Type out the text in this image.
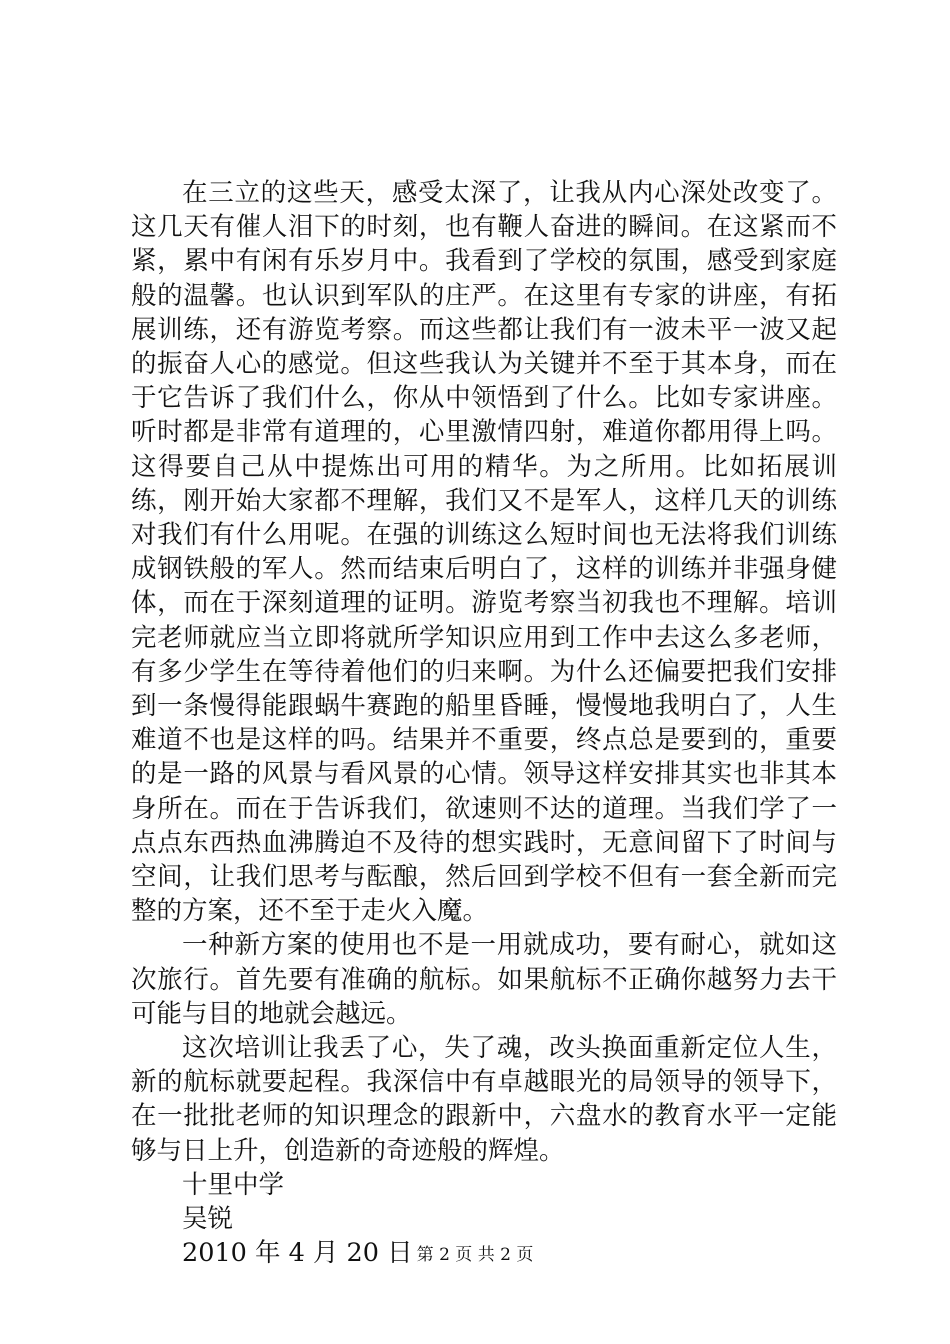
在三立的这些天，感受太深了，让我从内心深处改变了。这几天有催人泪下的时刻，也有鞭人奋进的瞬间。在这紧而不紧，累中有闲有乐岁月中。我看到了学校的氛围，感受到家庭般的温馨。也认识到军队的庄严。在这里有专家的讲座，有拓展训练，还有游览考察。而这些都让我们有一波未平一波又起的振奋人心的感觉。但这些我认为关键并不至于其本身，而在于它告诉了我们什么，你从中领悟到了什么。比如专家讲座。听时都是非常有道理的，心里激情四射，难道你都用得上吗。这得要自己从中提炼出可用的精华。为之所用。比如拓展训练，刚开始大家都不理解，我们又不是军人，这样几天的训练对我们有什么用呢。在强的训练这么短时间也无法将我们训练成钢铁般的军人。然而结束后明白了，这样的训练并非强身健体，而在于深刻道理的证明。游览考察当初我也不理解。培训完老师就应当立即将就所学知识应用到工作中去这么多老师，有多少学生在等待着他们的归来啊。为什么还偏要把我们安排到一条慢得能跟蜗牛赛跑的船里昏睡，慢慢地我明白了，人生难道不也是这样的吗。结果并不重要，终点总是要到的，重要的是一路的风景与看风景的心情。领导这样安排其实也非其本身所在。而在于告诉我们，欲速则不达的道理。当我们学了一点点东西热血沸腾迫不及待的想实践时，无意间留下了时间与空间，让我们思考与酝酿，然后回到学校不但有一套全新而完整的方案，还不至于走火入魔。

一种新方案的使用也不是一用就成功，要有耐心，就如这次旅行。首先要有准确的航标。如果航标不正确你越努力去干可能与目的地就会越远。

这次培训让我丢了心，失了魂，改头换面重新定位人生，新的航标就要起程。我深信中有卓越眼光的局领导的领导下，在一批批老师的知识理念的跟新中，六盘水的教育水平一定能够与日上升，创造新的奇迹般的辉煌。

十里中学
吴锐
2010 年 4 月 20 日 第 2 页 共 2 页
